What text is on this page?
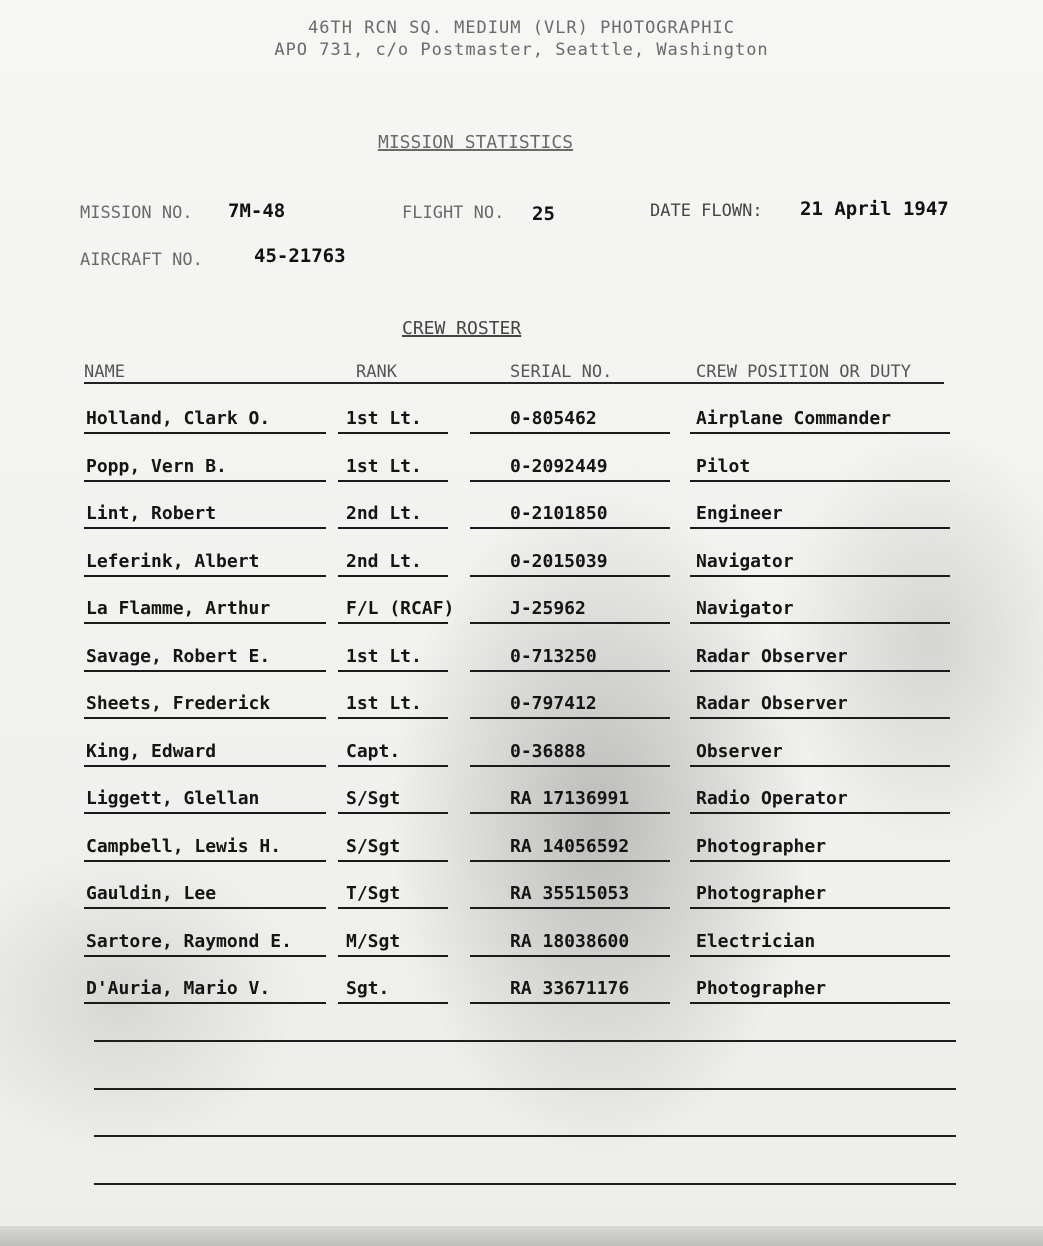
46TH RCN SQ. MEDIUM (VLR) PHOTOGRAPHIC
APO 731, c/o Postmaster, Seattle, Washington
MISSION STATISTICS
MISSION NO. 7M-48	FLIGHT NO. 25	DATE FLOWN: 21 April 1947
AIRCRAFT NO.	45-21763
CREW ROSTER
NAME	RANK	SERIAL NO.	CREW POSITION OR DUTY
Holland, Clark O.	1st Lt.	0-805462	Airplane Commander
Popp, Vern B.	1st Lt.	0-2092449	Pilot
Lint, Robert	2nd Lt.	0-2101850	Engineer
Leferink, Albert	2nd Lt.	0-2015039	Navigator
La Flamme, Arthur	F/L (RCAF)	J-25962	Navigator
Savage, Robert E.	1st Lt.	0-713250	Radar Observer
Sheets, Frederick	1st Lt.	0-797412	Radar Observer
King, Edward	Capt.	0-36888	Observer
Liggett, Glellan	S/Sgt	RA 17136991	Radio Operator
Campbell, Lewis H.	S/Sgt	RA 14056592	Photographer
Gauldin, Lee	T/Sgt	RA 35515053	Photographer
Sartore, Raymond E.	M/Sgt	RA 18038600	Electrician
D'Auria, Mario V.	Sgt.	RA 33671176	Photographer
